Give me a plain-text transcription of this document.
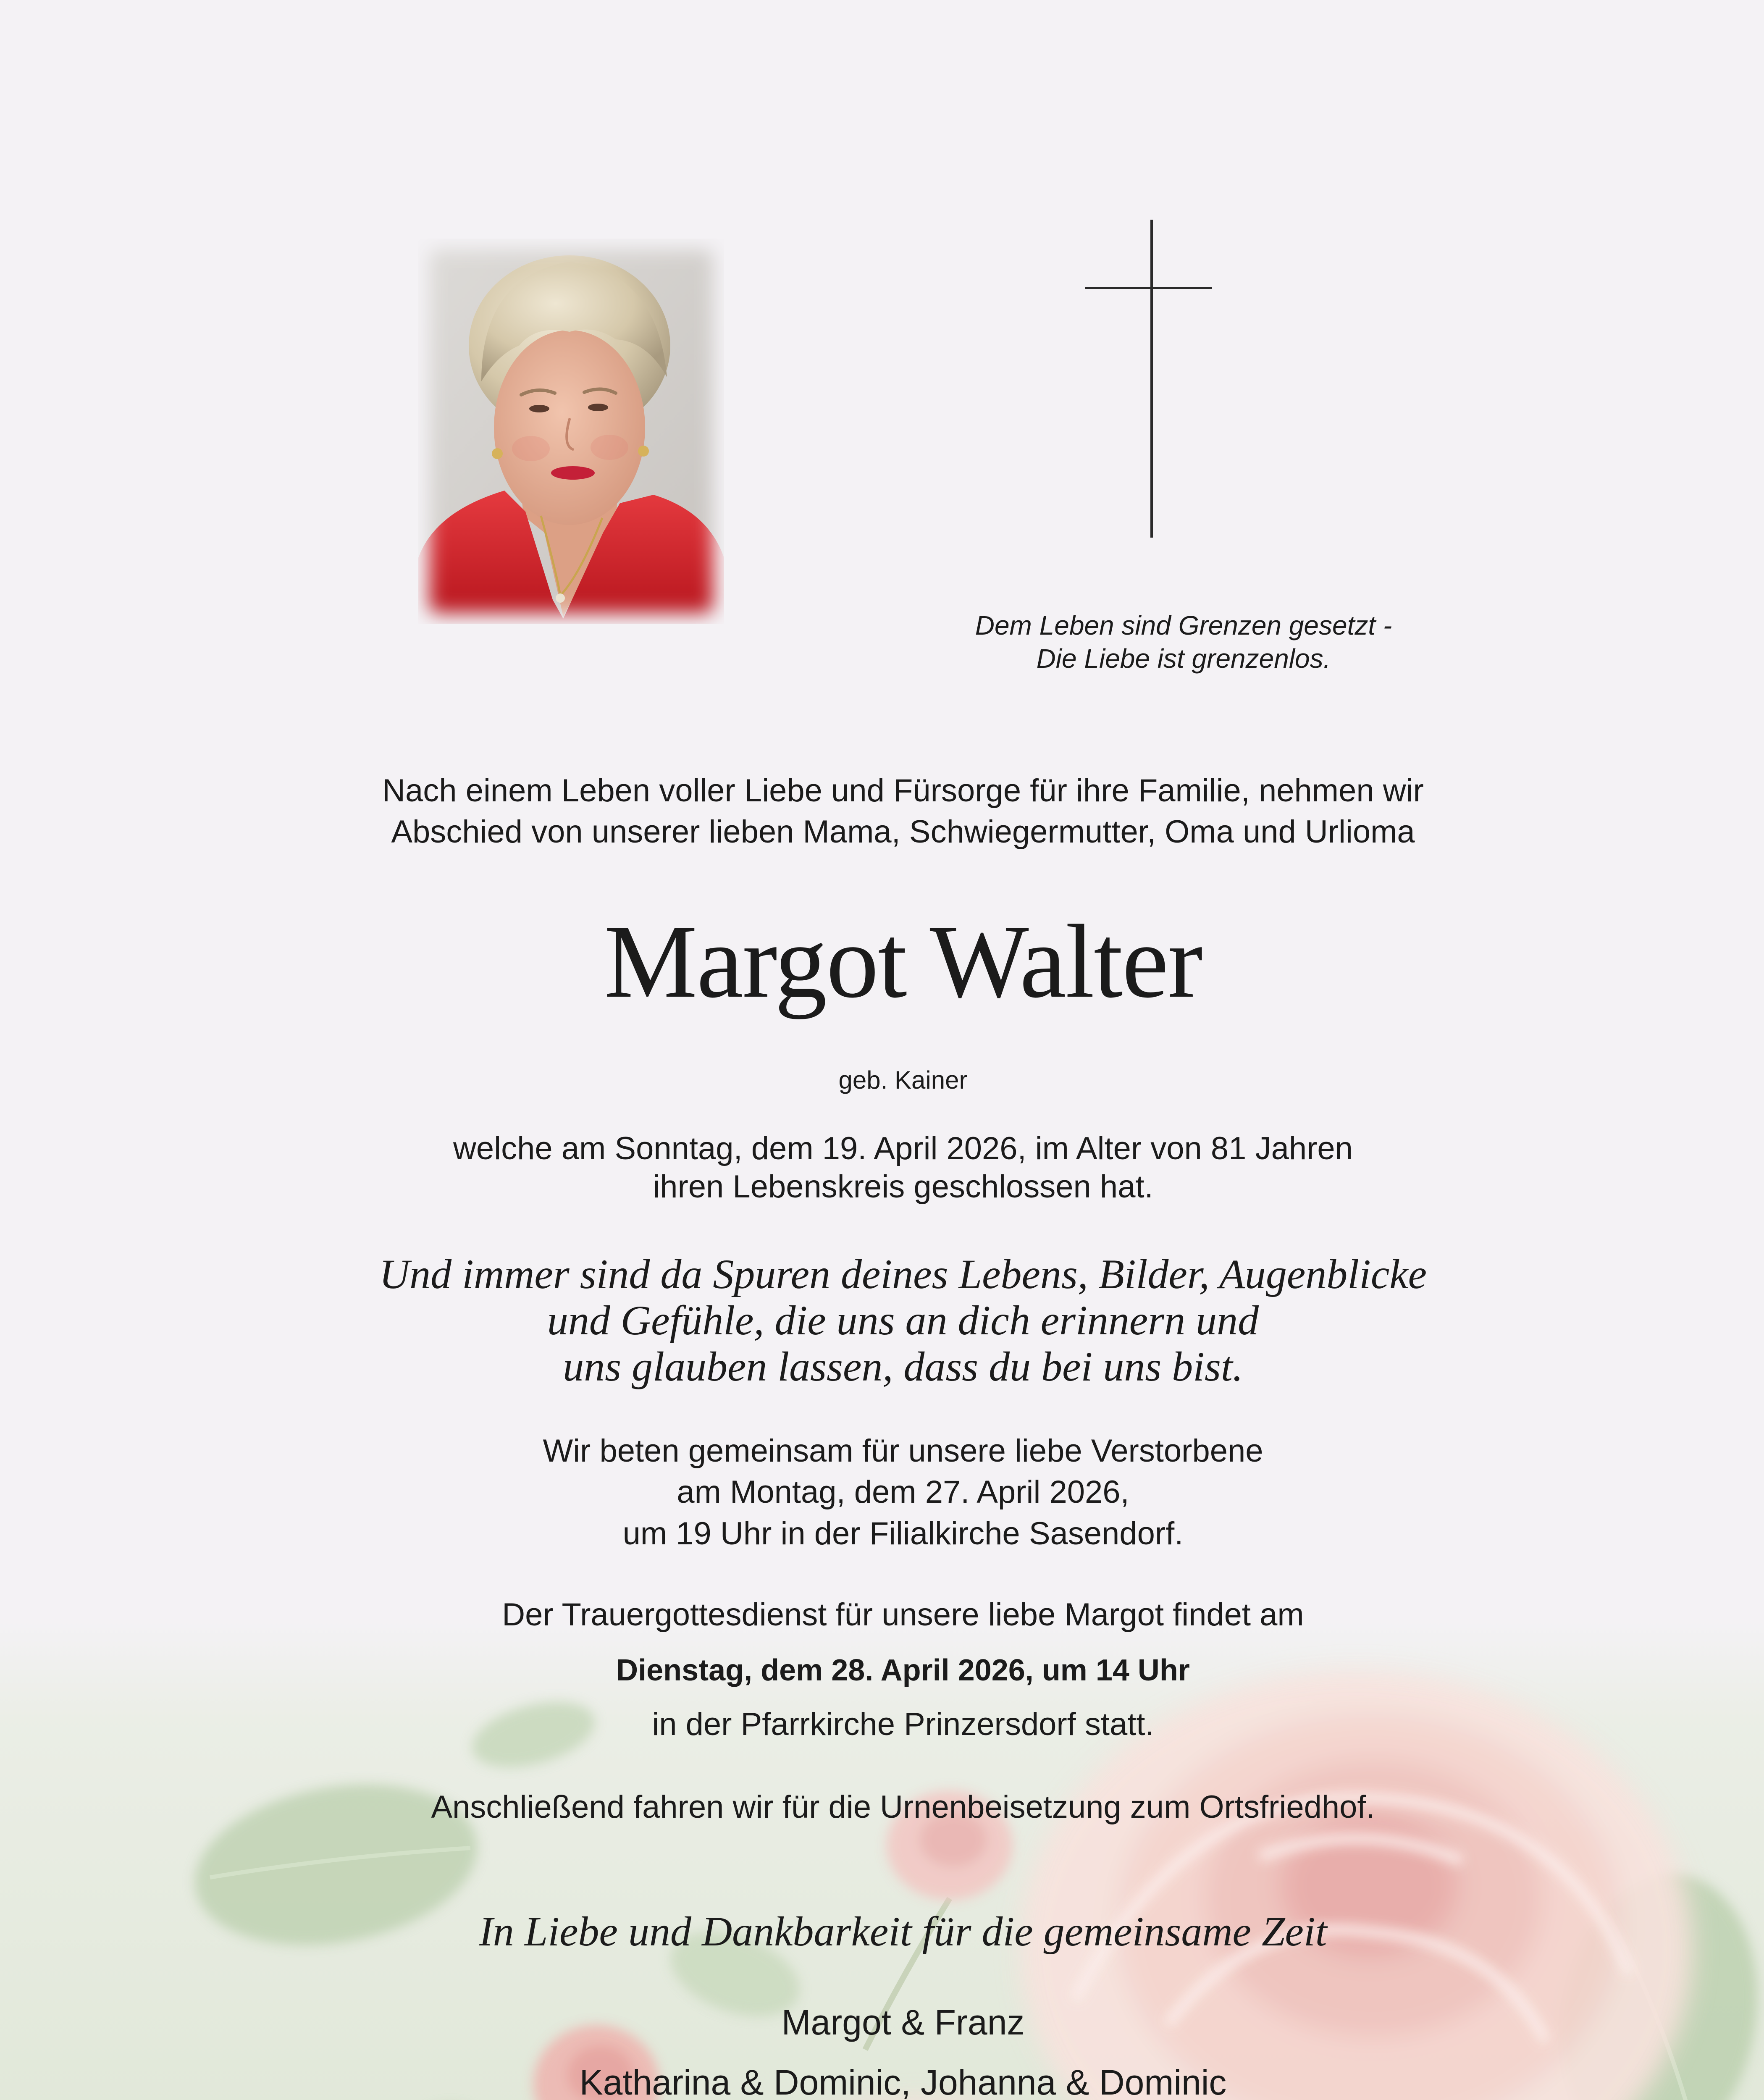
Dem Leben sind Grenzen gesetzt -
Die Liebe ist grenzenlos.
Nach einem Leben voller Liebe und Fürsorge für ihre Familie, nehmen wir
Abschied von unserer lieben Mama, Schwiegermutter, Oma und Urlioma
Margot Walter
geb. Kainer
welche am Sonntag, dem 19. April 2026, im Alter von 81 Jahren
ihren Lebenskreis geschlossen hat.
Und immer sind da Spuren deines Lebens, Bilder, Augenblicke
und Gefühle, die uns an dich erinnern und
uns glauben lassen, dass du bei uns bist.
Wir beten gemeinsam für unsere liebe Verstorbene
am Montag, dem 27. April 2026,
um 19 Uhr in der Filialkirche Sasendorf.
Der Trauergottesdienst für unsere liebe Margot findet am
Dienstag, dem 28. April 2026, um 14 Uhr
in der Pfarrkirche Prinzersdorf statt.
Anschließend fahren wir für die Urnenbeisetzung zum Ortsfriedhof.
In Liebe und Dankbarkeit für die gemeinsame Zeit
Margot & Franz
Katharina & Dominic, Johanna & Dominic
